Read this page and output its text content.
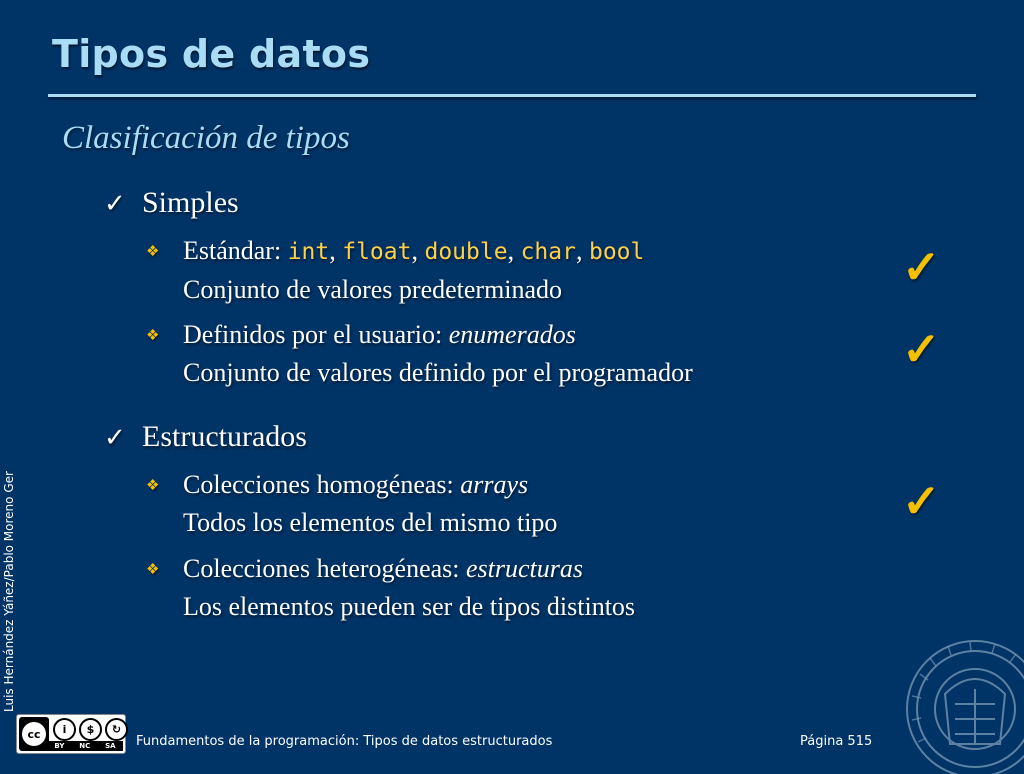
Tipos de datos
Clasificación de tipos
✓ Simples
❖ Estándar: int, float, double, char, bool
Conjunto de valores predeterminado
❖ Definidos por el usuario: enumerados
Conjunto de valores definido por el programador
✓ Estructurados
❖ Colecciones homogéneas: arrays
Todos los elementos del mismo tipo
❖ Colecciones heterogéneas: estructuras
Los elementos pueden ser de tipos distintos
✓
✓
✓
Luis Hernández Yáñez/Pablo Moreno Ger
cc	i	$	↻
BY NC SA Fundamentos de la programación: Tipos de datos estructurados	Página 515
